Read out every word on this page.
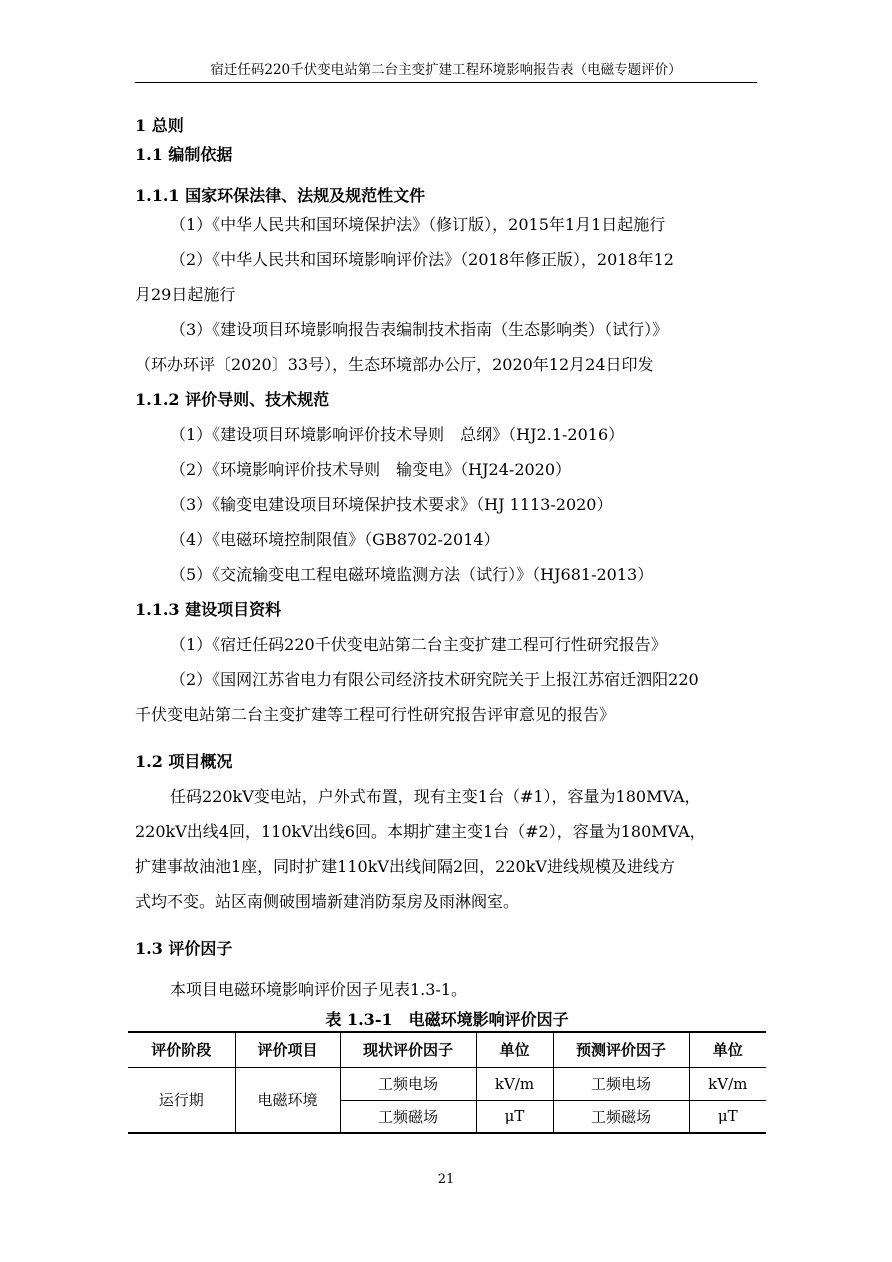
宿迁任码220千伏变电站第二台主变扩建工程环境影响报告表（电磁专题评价）
1 总则
1.1 编制依据
1.1.1 国家环保法律、法规及规范性文件
（1）《中华人民共和国环境保护法》（修订版），2015年1月1日起施行
（2）《中华人民共和国环境影响评价法》（2018年修正版），2018年12
月29日起施行
（3）《建设项目环境影响报告表编制技术指南（生态影响类）（试行）》
（环办环评〔2020〕33号），生态环境部办公厅，2020年12月24日印发
1.1.2 评价导则、技术规范
（1）《建设项目环境影响评价技术导则　总纲》（HJ2.1-2016）
（2）《环境影响评价技术导则　输变电》（HJ24-2020）
（3）《输变电建设项目环境保护技术要求》（HJ 1113-2020）
（4）《电磁环境控制限值》（GB8702-2014）
（5）《交流输变电工程电磁环境监测方法（试行）》（HJ681-2013）
1.1.3 建设项目资料
（1）《宿迁任码220千伏变电站第二台主变扩建工程可行性研究报告》
（2）《国网江苏省电力有限公司经济技术研究院关于上报江苏宿迁泗阳220
千伏变电站第二台主变扩建等工程可行性研究报告评审意见的报告》
1.2 项目概况
任码220kV变电站，户外式布置，现有主变1台（#1），容量为180MVA，
220kV出线4回，110kV出线6回。本期扩建主变1台（#2），容量为180MVA，
扩建事故油池1座，同时扩建110kV出线间隔2回，220kV进线规模及进线方
式均不变。站区南侧破围墙新建消防泵房及雨淋阀室。
1.3 评价因子
本项目电磁环境影响评价因子见表1.3-1。
表 1.3-1　电磁环境影响评价因子
评价阶段	评价项目	现状评价因子	单位	预测评价因子	单位
运行期	电磁环境	工频电场	kV/m	工频电场	kV/m
		工频磁场	μT	工频磁场	μT
21
